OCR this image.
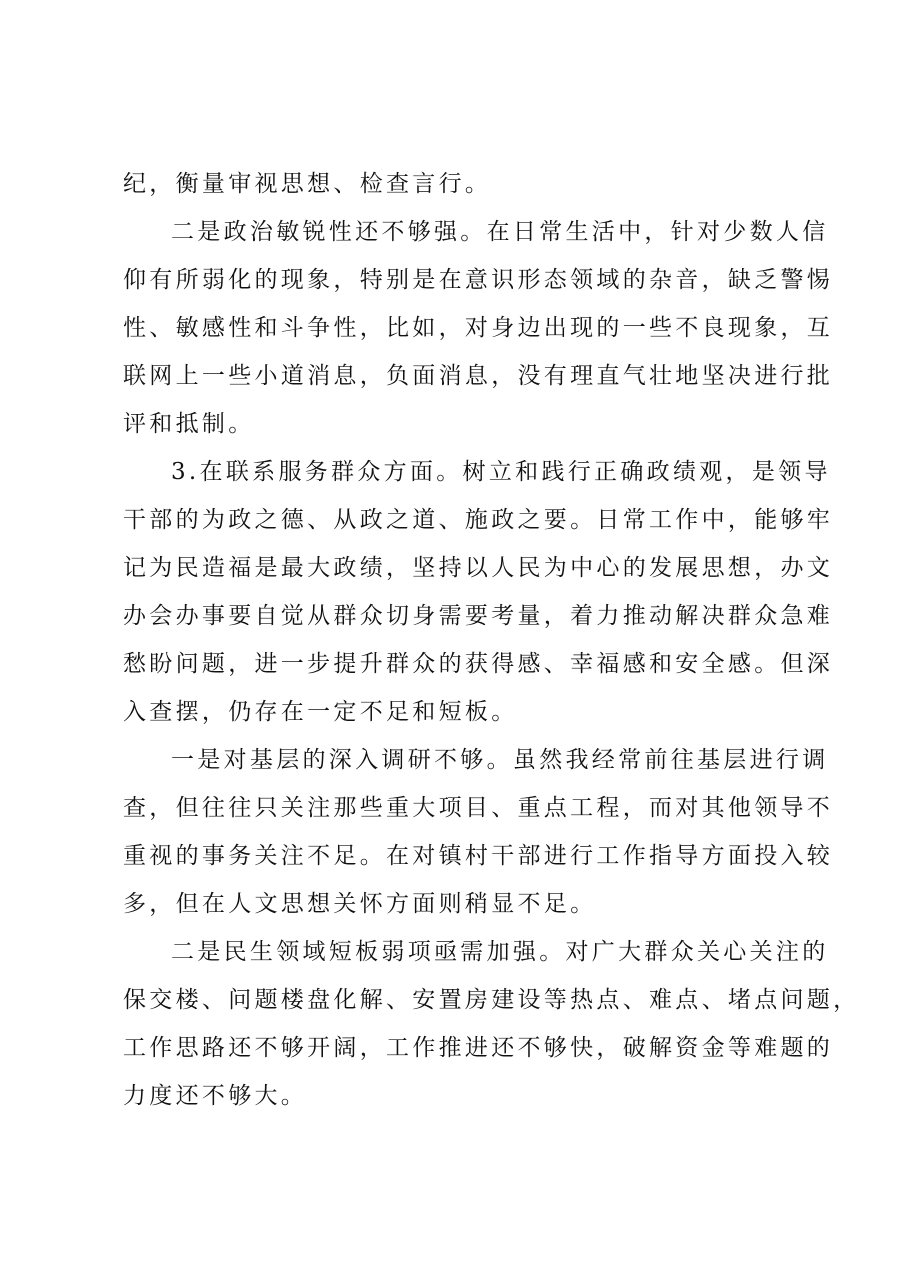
纪，衡量审视思想、检查言行。
二是政治敏锐性还不够强。在日常生活中，针对少数人信
仰有所弱化的现象，特别是在意识形态领域的杂音，缺乏警惕
性、敏感性和斗争性，比如，对身边出现的一些不良现象，互
联网上一些小道消息，负面消息，没有理直气壮地坚决进行批
评和抵制。
3.在联系服务群众方面。树立和践行正确政绩观，是领导
干部的为政之德、从政之道、施政之要。日常工作中，能够牢
记为民造福是最大政绩，坚持以人民为中心的发展思想，办文
办会办事要自觉从群众切身需要考量，着力推动解决群众急难
愁盼问题，进一步提升群众的获得感、幸福感和安全感。但深
入查摆，仍存在一定不足和短板。
一是对基层的深入调研不够。虽然我经常前往基层进行调
查，但往往只关注那些重大项目、重点工程，而对其他领导不
重视的事务关注不足。在对镇村干部进行工作指导方面投入较
多，但在人文思想关怀方面则稍显不足。
二是民生领域短板弱项亟需加强。对广大群众关心关注的
保交楼、问题楼盘化解、安置房建设等热点、难点、堵点问题，
工作思路还不够开阔，工作推进还不够快，破解资金等难题的
力度还不够大。
